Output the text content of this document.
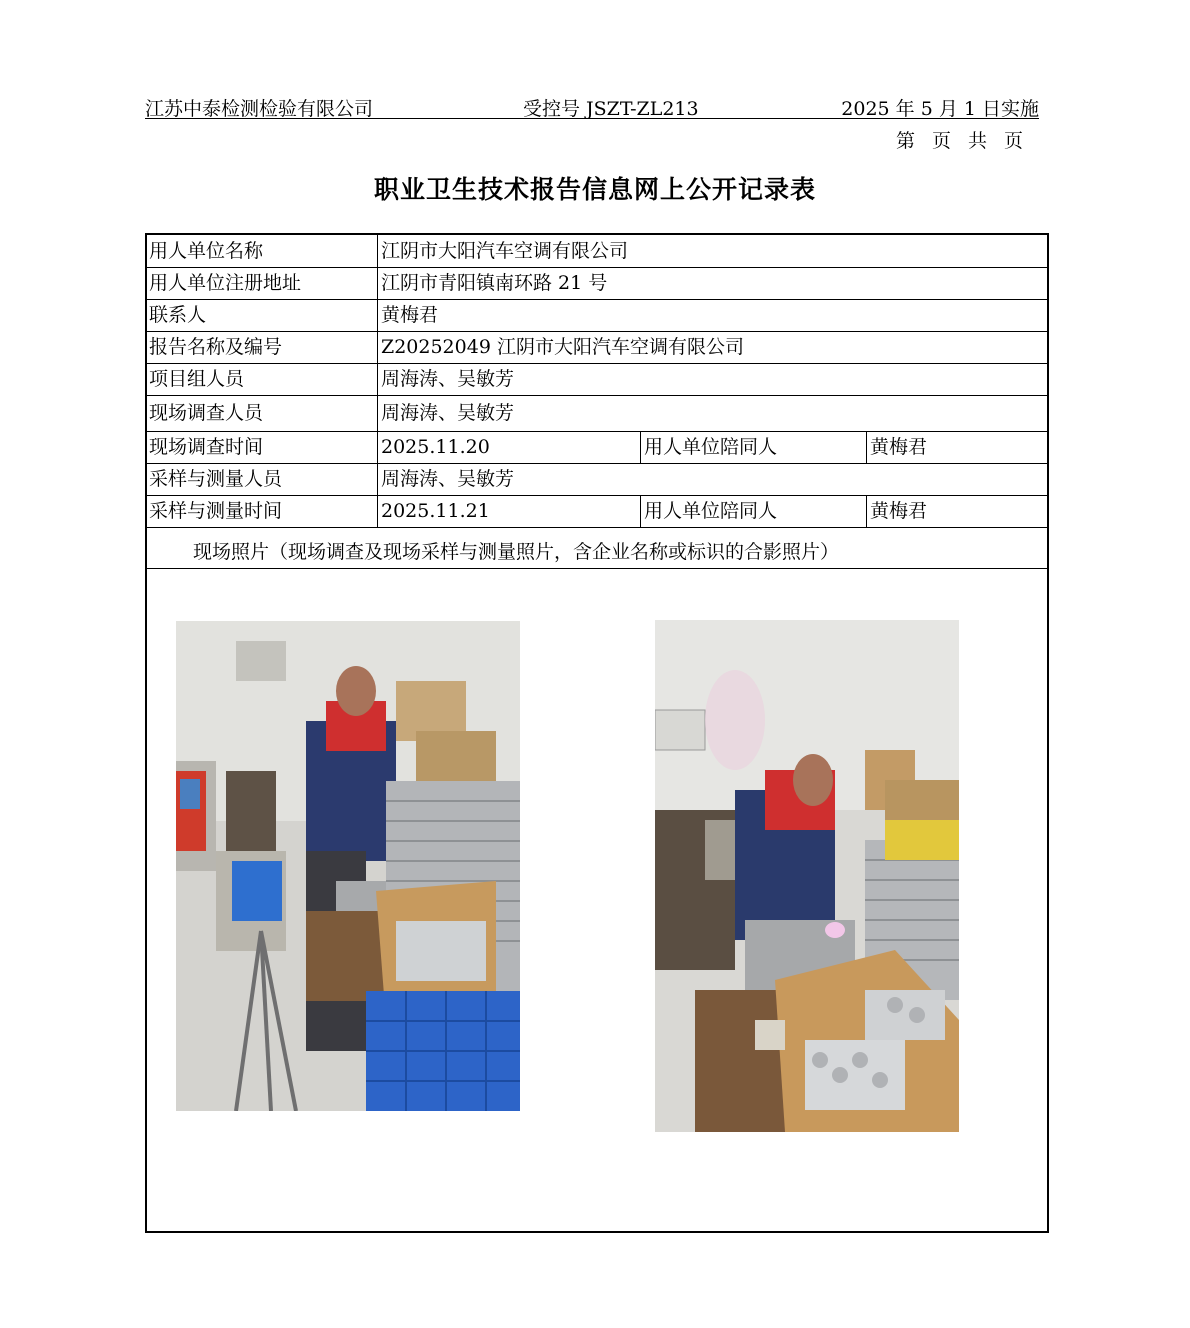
江苏中泰检测检验有限公司	受控号 JSZT-ZL213	2025 年 5 月 1 日实施
第页共页
职业卫生技术报告信息网上公开记录表
用人单位名称	江阴市大阳汽车空调有限公司
用人单位注册地址	江阴市青阳镇南环路 21 号
联系人	黄梅君
报告名称及编号	Z20252049 江阴市大阳汽车空调有限公司
项目组人员	周海涛、吴敏芳
现场调查人员	周海涛、吴敏芳
现场调查时间	2025.11.20	用人单位陪同人	黄梅君
采样与测量人员	周海涛、吴敏芳
采样与测量时间	2025.11.21	用人单位陪同人	黄梅君
现场照片（现场调查及现场采样与测量照片，含企业名称或标识的合影照片）
